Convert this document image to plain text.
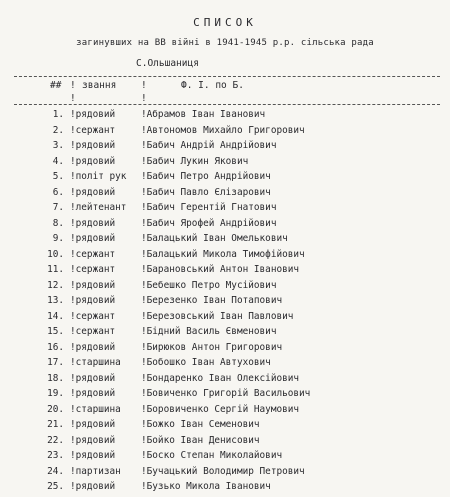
СПИСОК
загинувших на ВВ війні в 1941-1945 р.р. сільська рада
С.Ольшаниця
## ! звання	!	Ф. І. по Б.
!	!
1. !рядовий	!Абрамов Іван Іванович
2. !сержант	!Автономов Михайло Григорович
3. !рядовий	!Бабич Андрій Андрійович
4. !рядовий	!Бабич Лукин Якович
5. !політ рук !Бабич Петро Андрійович
6. !рядовий	!Бабич Павло Єлізарович
7. !лейтенант !Бабич Герентій Гнатович
8. !рядовий	!Бабич Ярофей Андрійович
9. !рядовий	!Балацький Іван Омелькович
10. !сержант	!Балацький Микола Тимофійович
11. !сержант	!Барановський Антон Іванович
12. !рядовий	!Бебешко Петро Мусійович
13. !рядовий	!Березенко Іван Потапович
14. !сержант	!Березовський Іван Павлович
15. !сержант	!Бідний Василь Євменович
16. !рядовий	!Бирюков Антон Григорович
17. !старшина !Бобошко Іван Автухович
18. !рядовий	!Бондаренко Іван Олексійович
19. !рядовий	!Бовиченко Григорій Васильович
20. !старшина !Боровиченко Сергій Наумович
21. !рядовий	!Божко Іван Семенович
22. !рядовий	!Бойко Іван Денисович
23. !рядовий	!Боско Степан Миколайович
24. !партизан !Бучацький Володимир Петрович
25. !рядовий	!Бузько Микола Іванович
